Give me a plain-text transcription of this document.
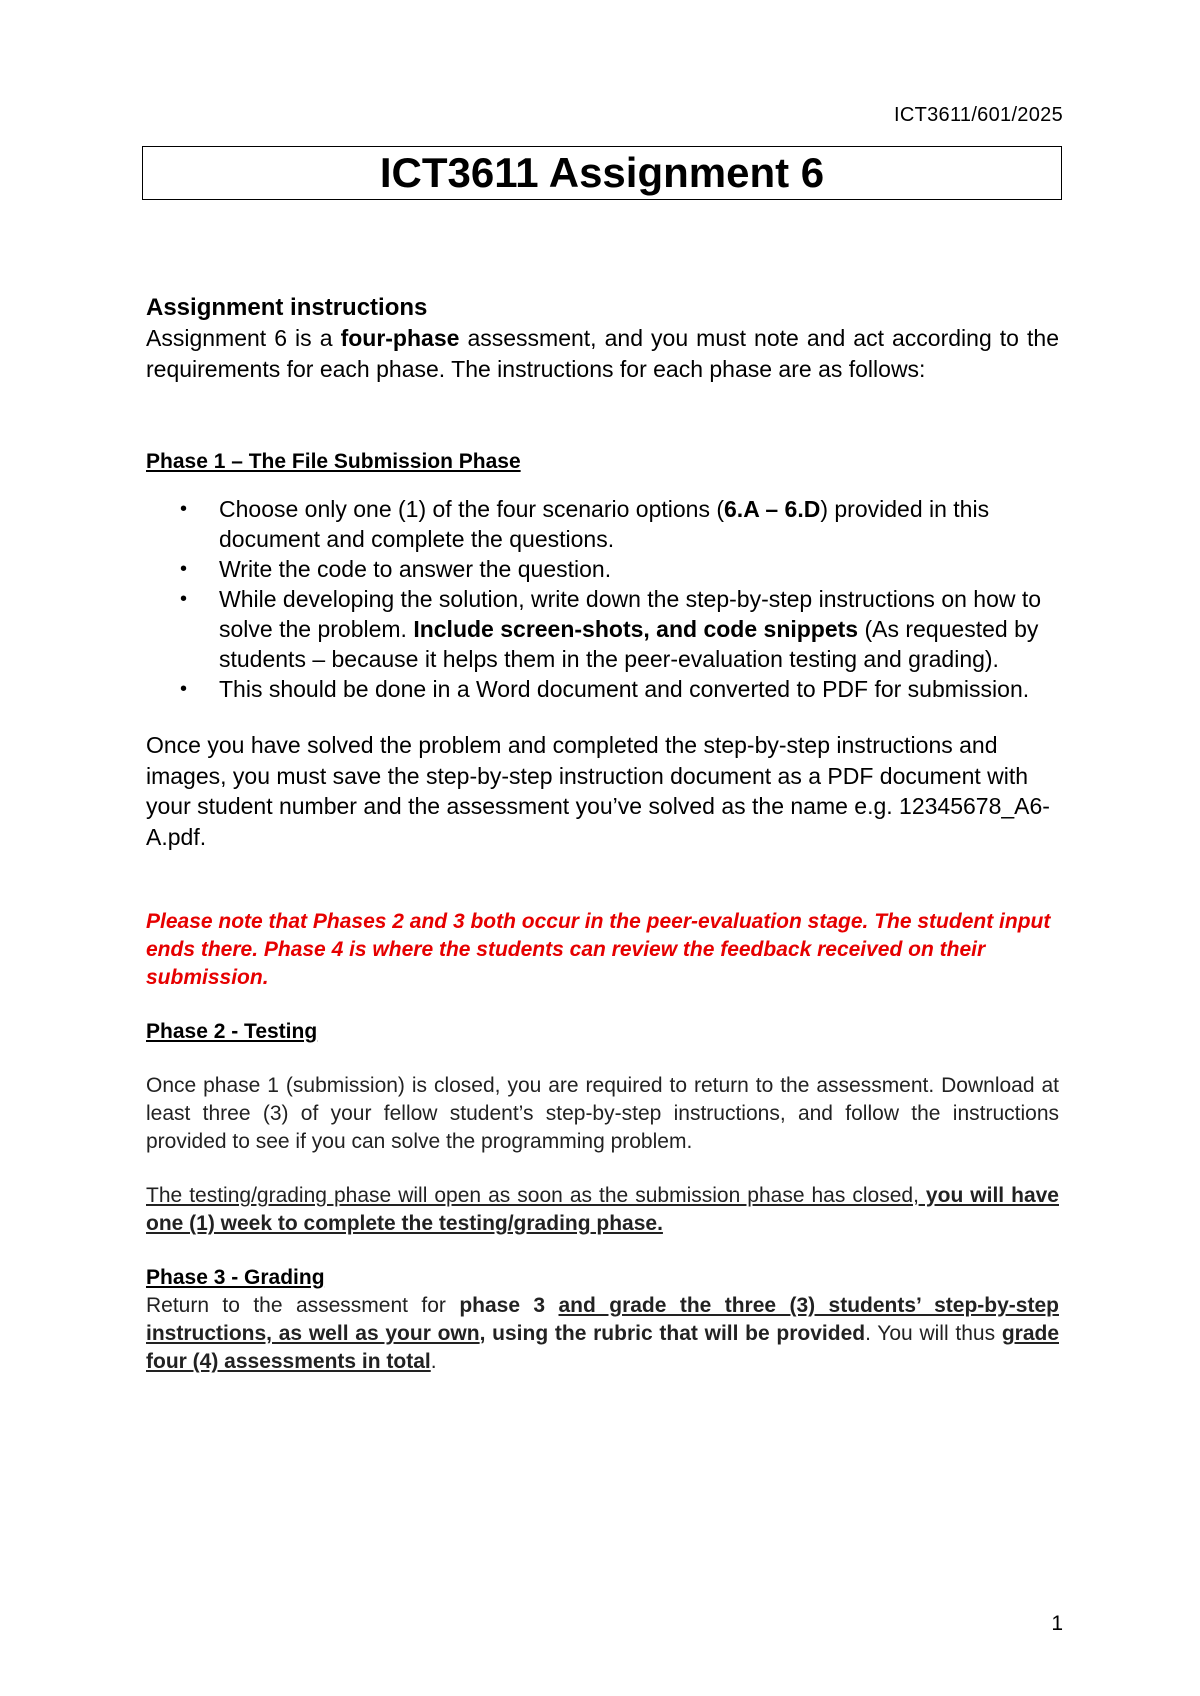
ICT3611/601/2025
ICT3611 Assignment 6

Assignment instructions

Assignment 6 is a four-phase assessment, and you must note and act according to the requirements for each phase. The instructions for each phase are as follows:

Phase 1 – The File Submission Phase

• Choose only one (1) of the four scenario options (6.A – 6.D) provided in this document and complete the questions.
• Write the code to answer the question.
• While developing the solution, write down the step-by-step instructions on how to solve the problem. Include screen-shots, and code snippets (As requested by students – because it helps them in the peer-evaluation testing and grading).
• This should be done in a Word document and converted to PDF for submission.

Once you have solved the problem and completed the step-by-step instructions and images, you must save the step-by-step instruction document as a PDF document with your student number and the assessment you’ve solved as the name e.g. 12345678_A6-A.pdf.

Please note that Phases 2 and 3 both occur in the peer-evaluation stage. The student input ends there. Phase 4 is where the students can review the feedback received on their submission.

Phase 2 - Testing

Once phase 1 (submission) is closed, you are required to return to the assessment. Download at least three (3) of your fellow student’s step-by-step instructions, and follow the instructions provided to see if you can solve the programming problem.

The testing/grading phase will open as soon as the submission phase has closed, you will have one (1) week to complete the testing/grading phase.

Phase 3 - Grading

Return to the assessment for phase 3 and grade the three (3) students’ step-by-step instructions, as well as your own, using the rubric that will be provided. You will thus grade four (4) assessments in total.

1
